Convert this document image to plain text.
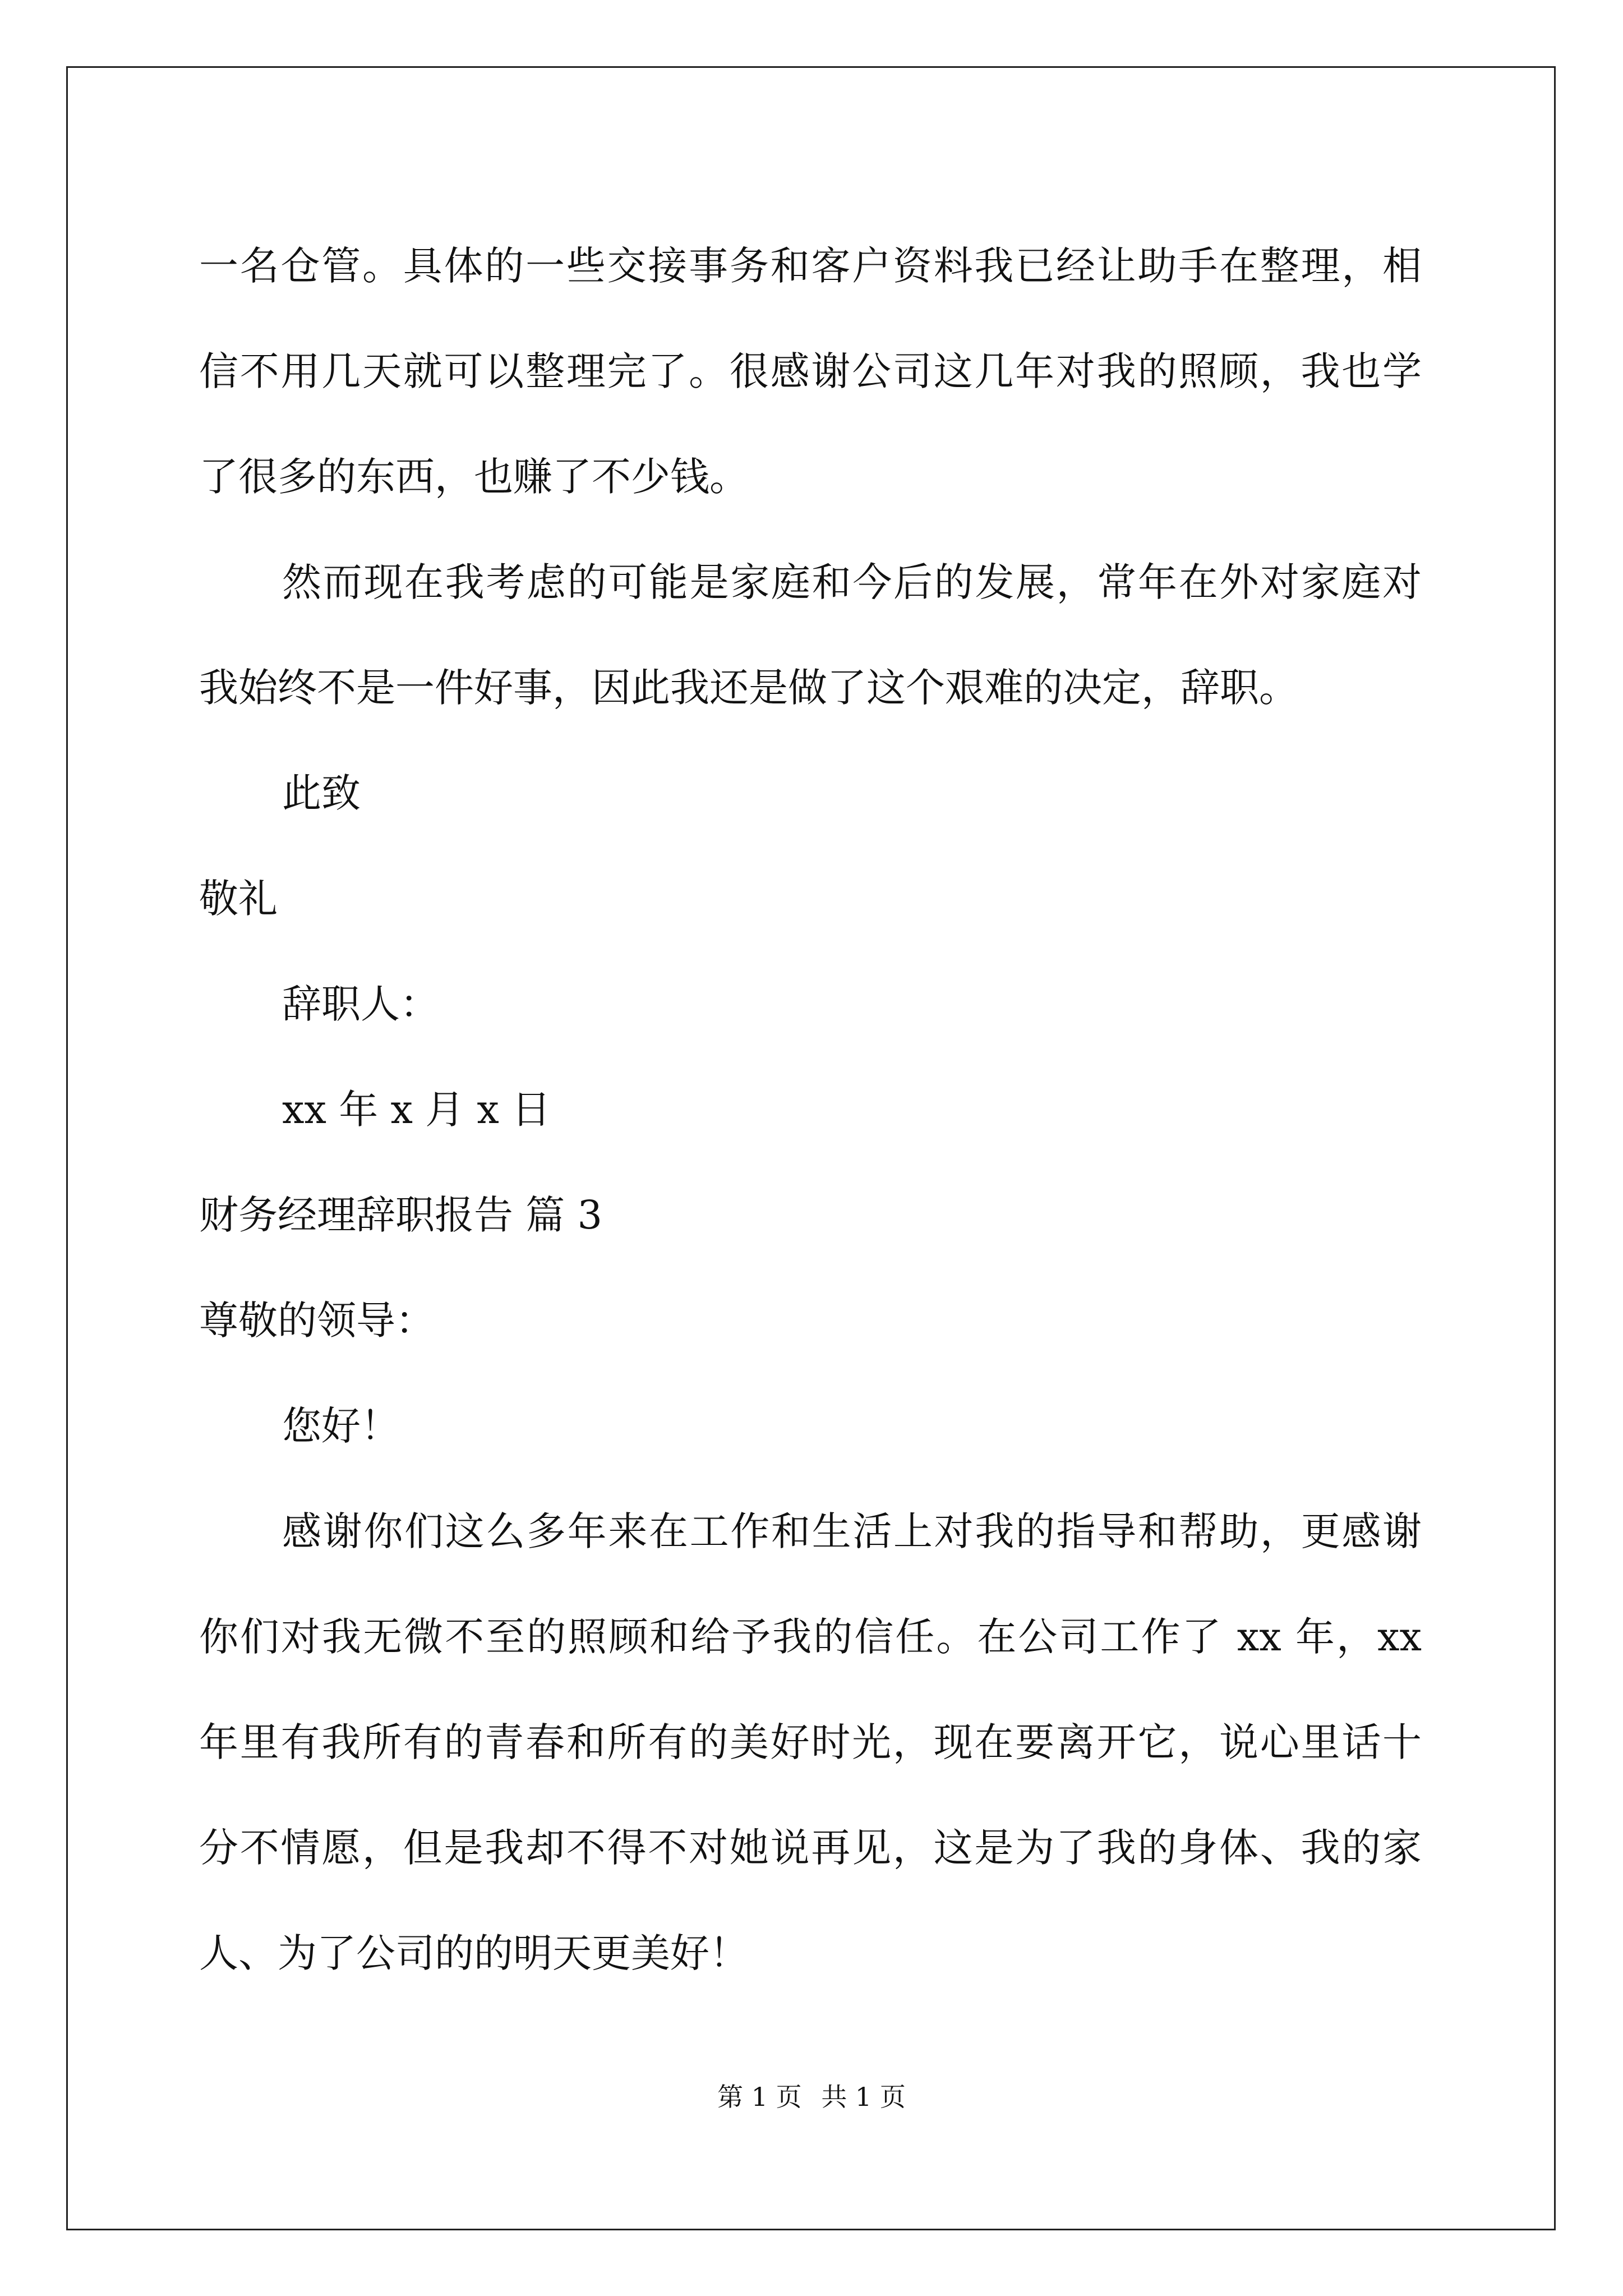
一名仓管。具体的一些交接事务和客户资料我已经让助手在整理，相
信不用几天就可以整理完了。很感谢公司这几年对我的照顾，我也学
了很多的东西，也赚了不少钱。
然而现在我考虑的可能是家庭和今后的发展，常年在外对家庭对
我始终不是一件好事，因此我还是做了这个艰难的决定，辞职。
此致
敬礼
辞职人：
xx 年 x 月 x 日
财务经理辞职报告 篇 3
尊敬的领导：
您好！
感谢你们这么多年来在工作和生活上对我的指导和帮助，更感谢
你们对我无微不至的照顾和给予我的信任。在公司工作了 xx 年，xx
年里有我所有的青春和所有的美好时光，现在要离开它，说心里话十
分不情愿，但是我却不得不对她说再见，这是为了我的身体、我的家
人、为了公司的的明天更美好！
第 1 页 共 1 页
